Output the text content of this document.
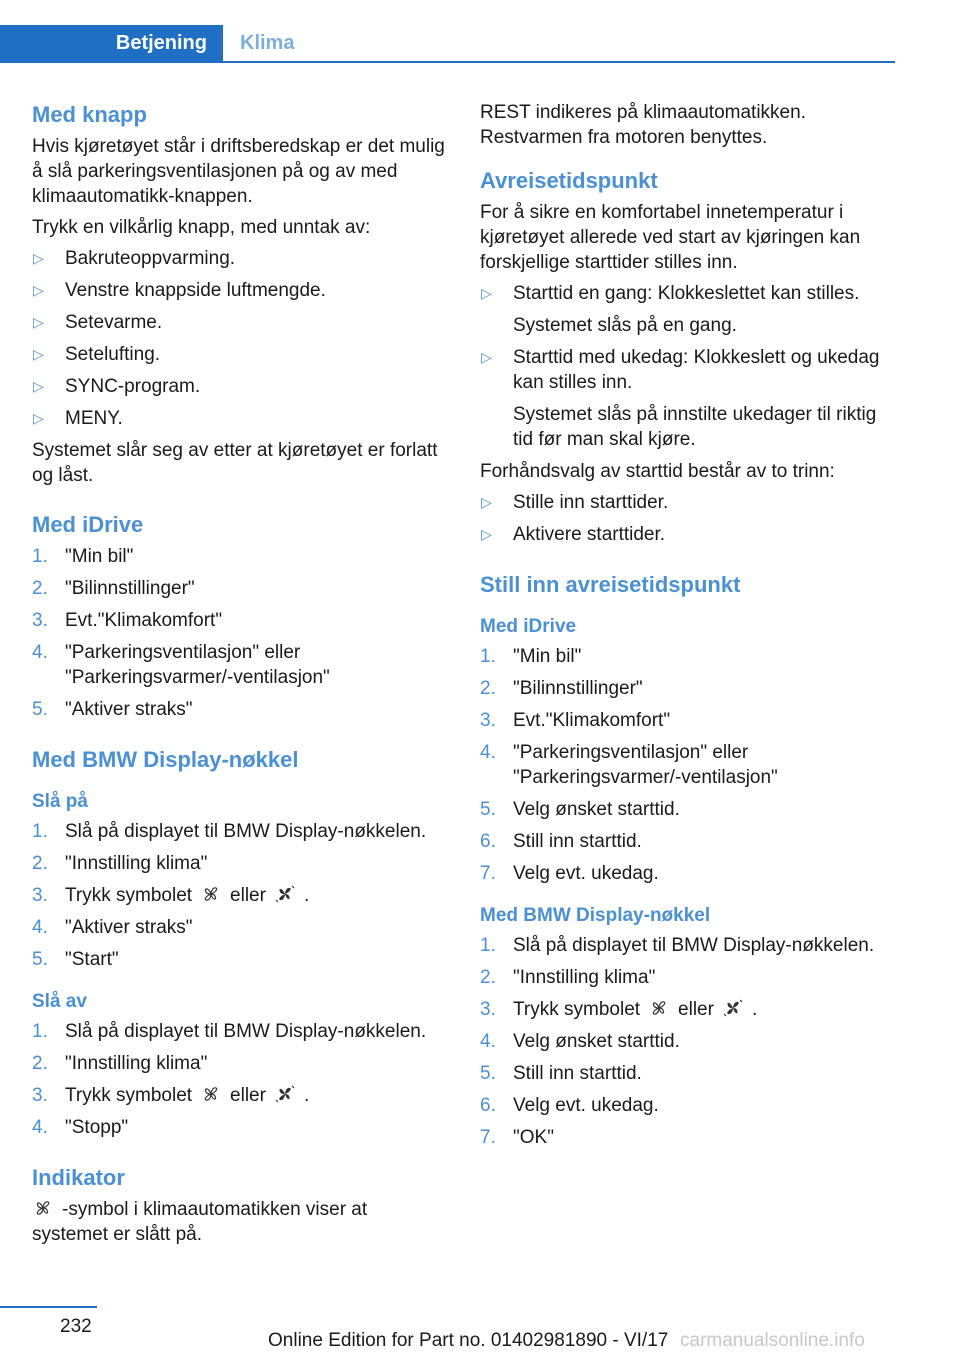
Betjening	Klima
Med knapp

Hvis kjøretøyet står i driftsberedskap er det mulig å slå parkeringsventilasjonen på og av med klimaautomatikk-knappen.

Trykk en vilkårlig knapp, med unntak av:

▷ Bakruteoppvarming.
▷ Venstre knappside luftmengde.
▷ Setevarme.
▷ Setelufting.
▷ SYNC-program.
▷ MENY.

Systemet slår seg av etter at kjøretøyet er forlatt og låst.

Med iDrive
1. "Min bil"
2. "Bilinnstillinger"
3. Evt."Klimakomfort"
4. "Parkeringsventilasjon" eller "Parkeringsvarmer/-ventilasjon"
5. "Aktiver straks"
Med BMW Display-nøkkel
Slå på
1. Slå på displayet til BMW Display-nøkkelen.
2. "Innstilling klima"
3. Trykk symbolet eller .
4. "Aktiver straks"
5. "Start"
Slå av
1. Slå på displayet til BMW Display-nøkkelen.
2. "Innstilling klima"
3. Trykk symbolet eller .
4. "Stopp"
Indikator

-symbol i klimaautomatikken viser at systemet er slått på.

REST indikeres på klimaautomatikken. Restvarmen fra motoren benyttes.

Avreisetidspunkt

For å sikre en komfortabel innetemperatur i kjøretøyet allerede ved start av kjøringen kan forskjellige starttider stilles inn.

▷ Starttid en gang: Klokkeslettet kan stilles.
Systemet slås på en gang.
▷ Starttid med ukedag: Klokkeslett og ukedag kan stilles inn.
Systemet slås på innstilte ukedager til riktig tid før man skal kjøre.

Forhåndsvalg av starttid består av to trinn:

▷ Stille inn starttider.
▷ Aktivere starttider.
Still inn avreisetidspunkt
Med iDrive
1. "Min bil"
2. "Bilinnstillinger"
3. Evt."Klimakomfort"
4. "Parkeringsventilasjon" eller "Parkeringsvarmer/-ventilasjon"
5. Velg ønsket starttid.
6. Still inn starttid.
7. Velg evt. ukedag.
Med BMW Display-nøkkel
1. Slå på displayet til BMW Display-nøkkelen.
2. "Innstilling klima"
3. Trykk symbolet eller .
4. Velg ønsket starttid.
5. Still inn starttid.
6. Velg evt. ukedag.
7. "OK"
232
Online Edition for Part no. 01402981890 - VI/17 carmanualsonline.info
